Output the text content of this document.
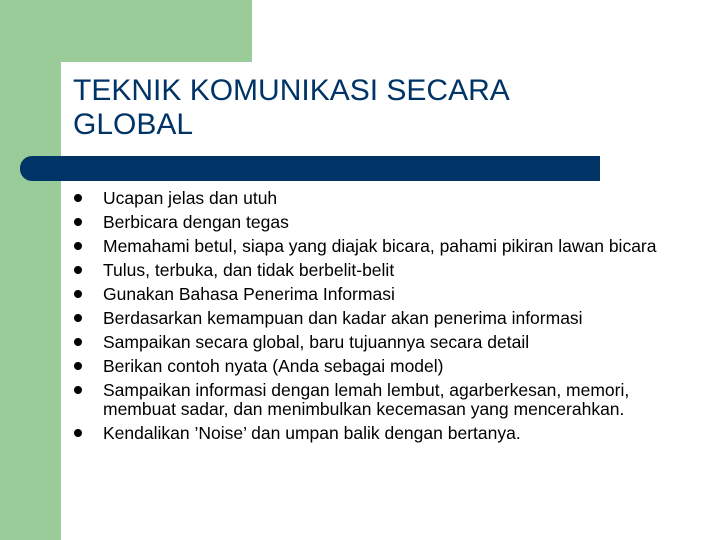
TEKNIK KOMUNIKASI SECARA
GLOBAL
Ucapan jelas dan utuh
Berbicara dengan tegas
Memahami betul, siapa yang diajak bicara, pahami pikiran lawan bicara
Tulus, terbuka, dan tidak berbelit-belit
Gunakan Bahasa Penerima Informasi
Berdasarkan kemampuan dan kadar akan penerima informasi
Sampaikan secara global, baru tujuannya secara detail
Berikan contoh nyata (Anda sebagai model)
Sampaikan informasi dengan lemah lembut, agarberkesan, memori, membuat sadar, dan menimbulkan kecemasan yang mencerahkan.
Kendalikan ’Noise’ dan umpan balik dengan bertanya.
